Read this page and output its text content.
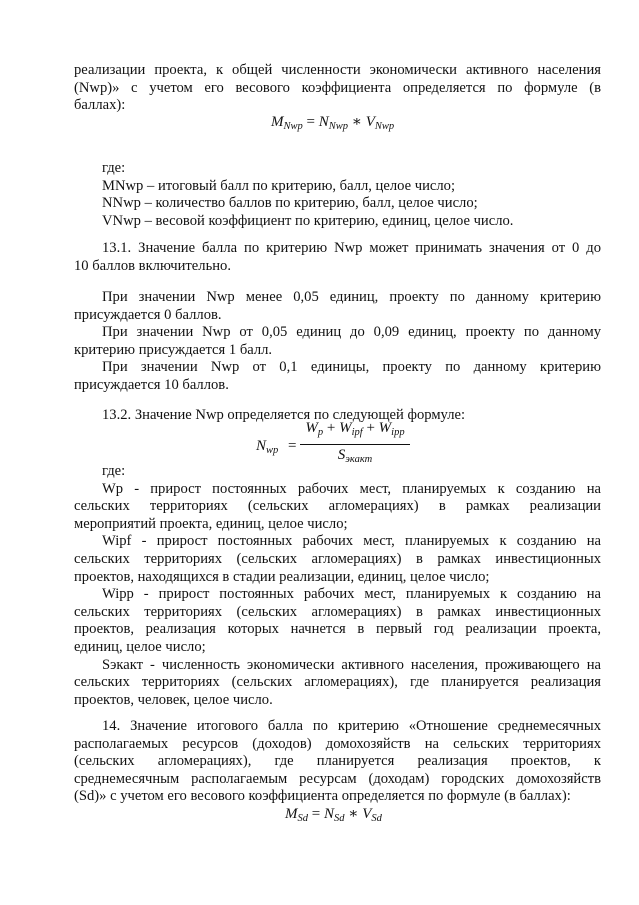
реализации проекта, к общей численности экономически активного населения

(Nwp)» с учетом его весового коэффициента определяется по формуле (в

баллах):

$M_{Nwp} = N_{Nwp}$ ∗ $V_{Nwp}$

где:

MNwp – итоговый балл по критерию, балл, целое число;

NNwp – количество баллов по критерию, балл, целое число;

VNwp – весовой коэффициент по критерию, единиц, целое число.

13.1. Значение балла по критерию Nwp может принимать значения от 0 до

10 баллов включительно.

При значении Nwp менее 0,05 единиц, проекту по данному критерию

присуждается 0 баллов.

При значении Nwp от 0,05 единиц до 0,09 единиц, проекту по данному

критерию присуждается 1 балл.

При значении Nwp от 0,1 единицы, проекту по данному критерию

присуждается 10 баллов.

13.2. Значение Nwp определяется по следующей формуле:

$N_{wp}$ =
$W_p + W_{ipf} + W_{ipp}$
$S_{экакт}$

где:

Wp - прирост постоянных рабочих мест, планируемых к созданию на

сельских территориях (сельских агломерациях) в рамках реализации

мероприятий проекта, единиц, целое число;

Wipf - прирост постоянных рабочих мест, планируемых к созданию на

сельских территориях (сельских агломерациях) в рамках инвестиционных

проектов, находящихся в стадии реализации, единиц, целое число;

Wipp - прирост постоянных рабочих мест, планируемых к созданию на

сельских территориях (сельских агломерациях) в рамках инвестиционных

проектов, реализация которых начнется в первый год реализации проекта,

единиц, целое число;

Sэкакт - численность экономически активного населения, проживающего на

сельских территориях (сельских агломерациях), где планируется реализация

проектов, человек, целое число.

14. Значение итогового балла по критерию «Отношение среднемесячных

располагаемых ресурсов (доходов) домохозяйств на сельских территориях

(сельских агломерациях), где планируется реализация проектов, к

среднемесячным располагаемым ресурсам (доходам) городских домохозяйств

(Sd)» с учетом его весового коэффициента определяется по формуле (в баллах):

$M_{Sd} = N_{Sd}$ ∗ $V_{Sd}$
